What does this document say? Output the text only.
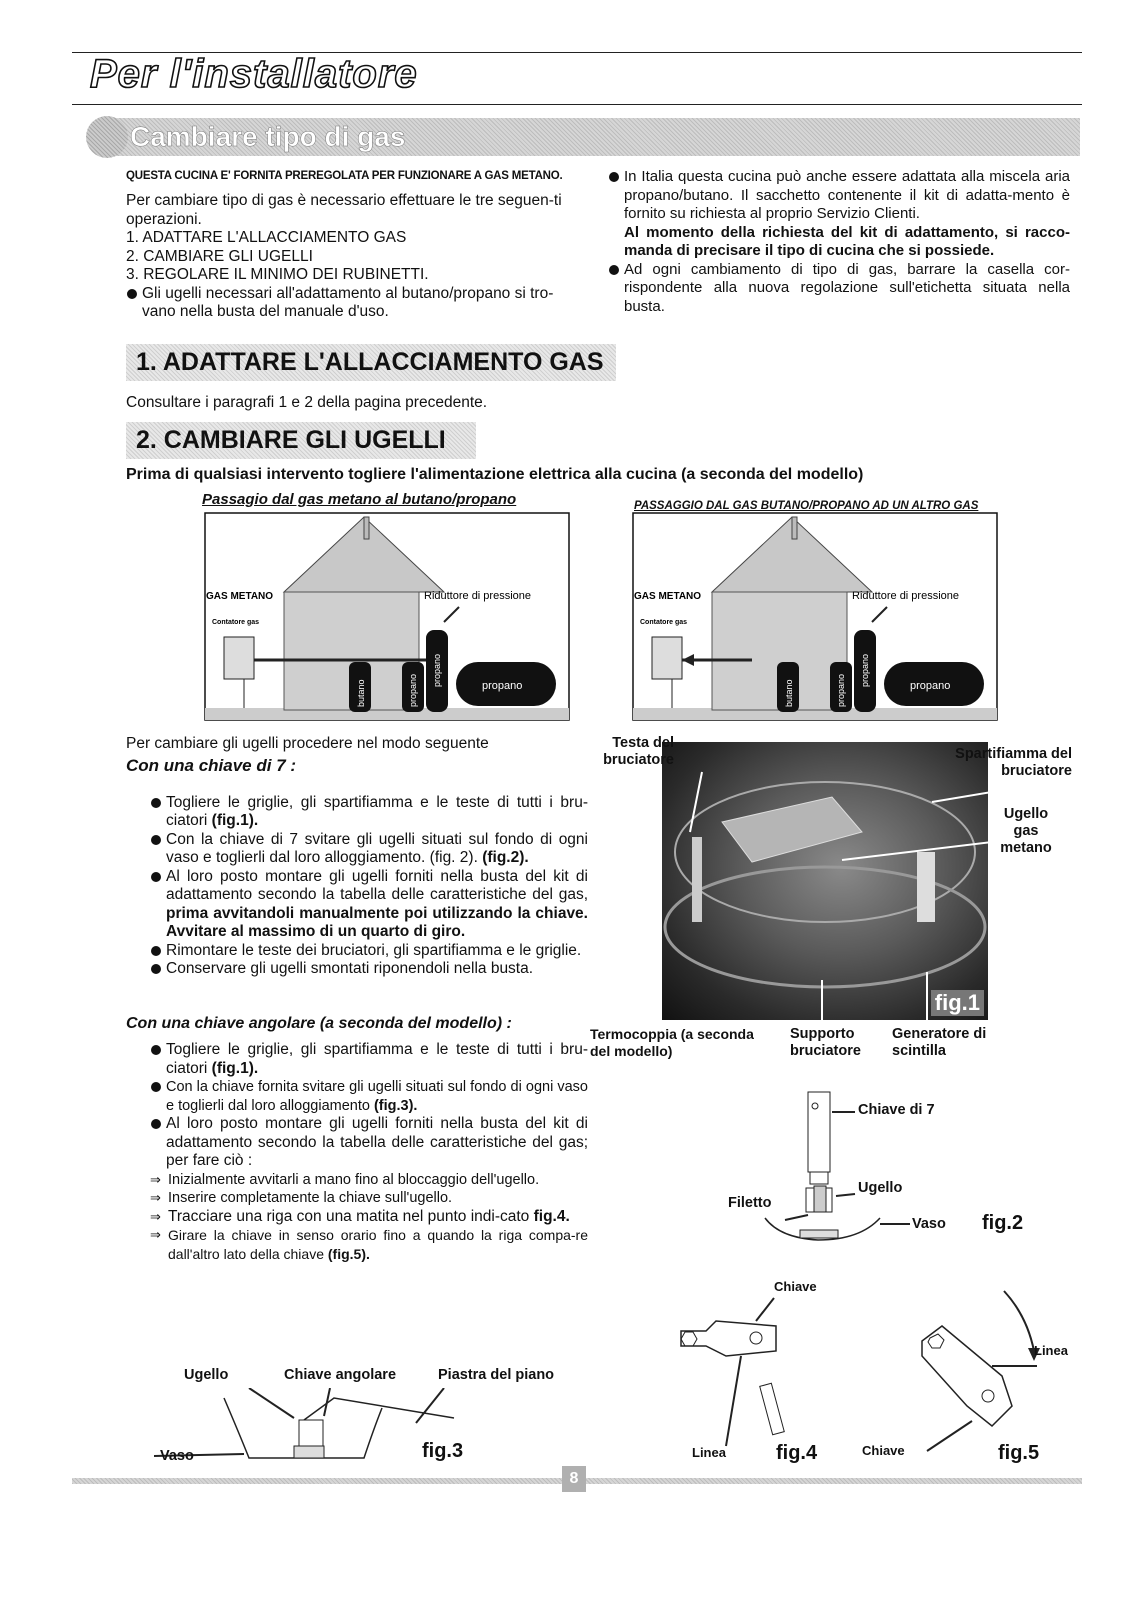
Per l'installatore
Cambiare tipo di gas
QUESTA CUCINA E' FORNITA PREREGOLATA PER FUNZIONARE A GAS METANO.
Per cambiare tipo di gas è necessario effettuare le tre seguen-ti operazioni.
1. ADATTARE L'ALLACCIAMENTO GAS
2. CAMBIARE GLI UGELLI
3. REGOLARE IL MINIMO DEI RUBINETTI.
Gli ugelli necessari all'adattamento al butano/propano si tro-vano nella busta del manuale d'uso.
In Italia questa cucina può anche essere adattata alla miscela aria propano/butano. Il sacchetto contenente il kit di adatta-mento è fornito su richiesta al proprio Servizio Clienti.
Al momento della richiesta del kit di adattamento, si racco-manda di precisare il tipo di cucina che si possiede.
Ad ogni cambiamento di tipo di gas, barrare la casella cor-rispondente alla nuova regolazione sull'etichetta situata nella busta.
1. ADATTARE L'ALLACCIAMENTO GAS
Consultare i paragrafi 1 e 2 della pagina precedente.
2. CAMBIARE GLI UGELLI
Prima di qualsiasi intervento togliere l'alimentazione elettrica alla cucina (a seconda del modello)
Passagio dal gas metano al butano/propano	PASSAGGIO DAL GAS BUTANO/PROPANO AD UN ALTRO GAS
GAS METANO
Contatore gas
Riduttore di pressione
butano	propano
propano	propano
GAS METANO
Contatore gas
Riduttore di pressione
butano	propano
propano	propano
Per cambiare gli ugelli procedere nel modo seguente
Con una chiave di 7 :
Togliere le griglie, gli spartifiamma e le teste di tutti i bru-ciatori (fig.1).
Con la chiave di 7 svitare gli ugelli situati sul fondo di ogni vaso e toglierli dal loro alloggiamento. (fig. 2). (fig.2).
Al loro posto montare gli ugelli forniti nella busta del kit di adattamento secondo la tabella delle caratteristiche del gas, prima avvitandoli manualmente poi utilizzando la chiave. Avvitare al massimo di un quarto di giro.
Rimontare le teste dei bruciatori, gli spartifiamma e le griglie.
Conservare gli ugelli smontati riponendoli nella busta.
Con una chiave angolare (a seconda del modello) :
Togliere le griglie, gli spartifiamma e le teste di tutti i bru-ciatori (fig.1).
Con la chiave fornita svitare gli ugelli situati sul fondo di ogni vaso e toglierli dal loro alloggiamento (fig.3).
Al loro posto montare gli ugelli forniti nella busta del kit di adattamento secondo la tabella delle caratteristiche del gas; per fare ciò :
⇒ Inizialmente avvitarli a mano fino al bloccaggio dell'ugello.
⇒ Inserire completamente la chiave sull'ugello.
⇒ Tracciare una riga con una matita nel punto indi-cato fig.4.
⇒ Girare la chiave in senso orario fino a quando la riga compa-re dall'altro lato della chiave (fig.5).
fig.1
Testa del bruciatore	Spartifiamma del bruciatore
Ugello gas metano
Termocoppia (a seconda del modello)
Supporto bruciatore
Generatore di scintilla
Chiave di 7
Ugello
Filetto
Vaso fig.2
Ugello	Chiave angolare	Piastra del piano
Vaso	fig.3
Chiave
Linea	fig.4
Linea
Chiave	fig.5
8
